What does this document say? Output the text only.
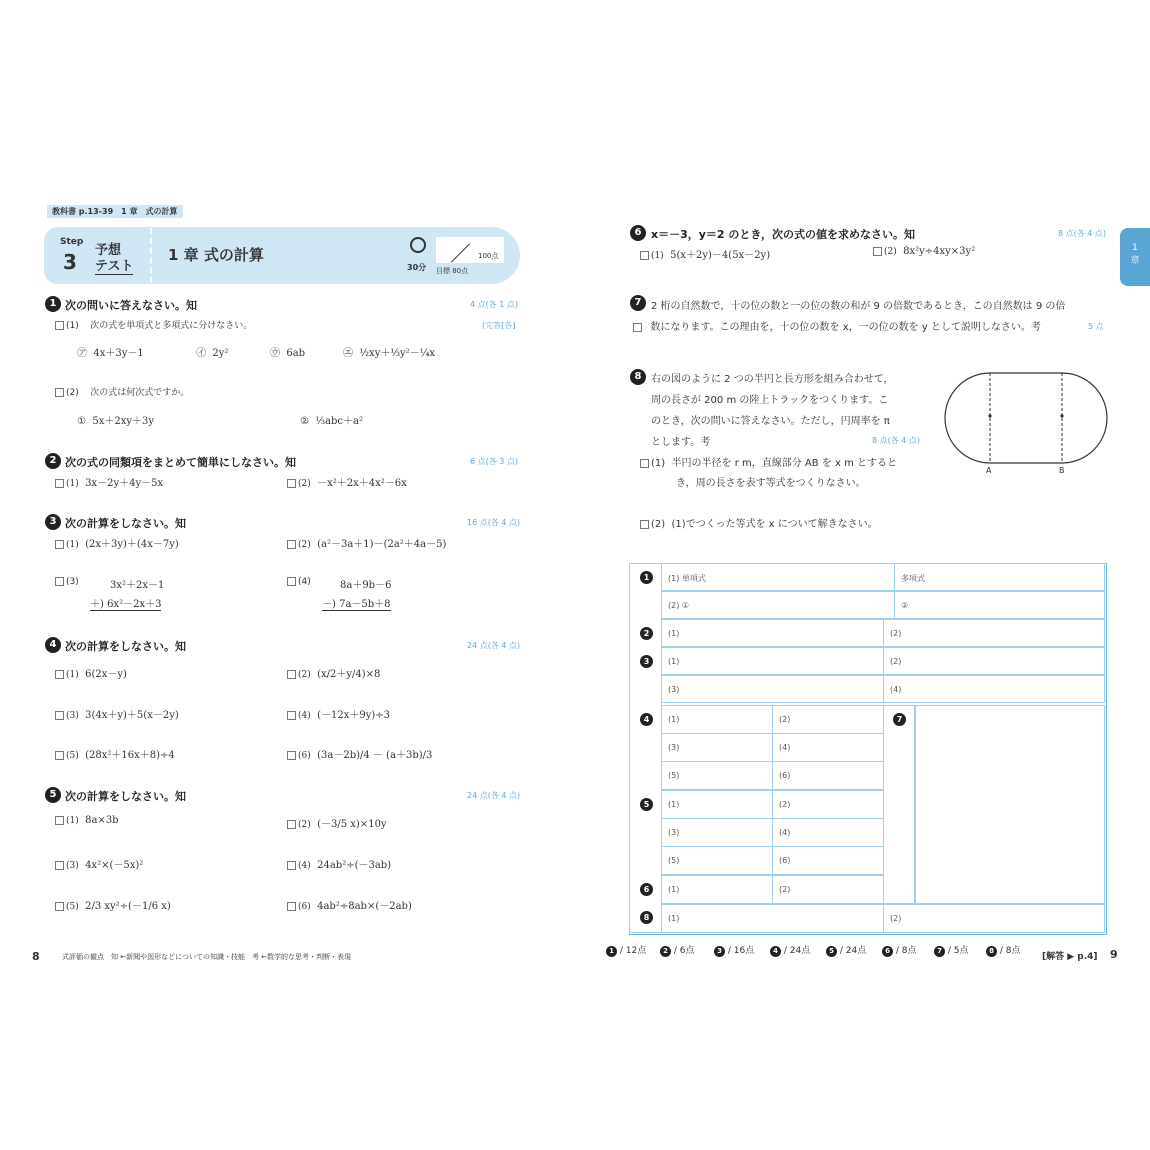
教科書 p.13-39　1 章　式の計算
Step
3 予想
テスト
1 章 式の計算
30分
100点
目標 80点
1 次の問いに答えなさい。知	4 点(各 1 点)
(1) 次の式を単項式と多項式に分けなさい。	(完答[各]
㋐ 4x＋3y－1	㋑ 2y²	㋒ 6ab	㋓ ½xy＋⅓y²－¼x
(2) 次の式は何次式ですか。
① 5x＋2xy＋3y	② ⅓abc＋a²
2 次の式の同類項をまとめて簡単にしなさい。知	6 点(各 3 点)
(1) 3x－2y＋4y－5x	(2) －x²＋2x＋4x²－6x
3 次の計算をしなさい。知	16 点(各 4 点)
(1) (2x＋3y)＋(4x－7y)	(2) (a²－3a＋1)－(2a²＋4a－5)
(3)	3x²＋2x－1
＋) 6x²－2x＋3
(4)	8a＋9b－6
－) 7a－5b＋8
4 次の計算をしなさい。知	24 点(各 4 点)
(1) 6(2x－y)	(2) (x/2＋y/4)×8
(3) 3(4x＋y)＋5(x－2y)	(4) (－12x＋9y)÷3
(5) (28x²＋16x＋8)÷4	(6) (3a－2b)/4 － (a＋3b)/3
5 次の計算をしなさい。知	24 点(各 4 点)
(1) 8a×3b	(2) (－3/5 x)×10y
(3) 4x²×(－5x)²	(4) 24ab²÷(－3ab)
(5) 2/3 xy²÷(－1/6 x)	(6) 4ab²÷8ab×(－2ab)
8	式評価の観点　知 ←新聞や図形などについての知識・技能　考 ←数学的な思考・判断・表現
1
章
6 x＝－3，y＝2 のとき，次の式の値を求めなさい。知	8 点(各 4 点)
(1) 5(x＋2y)－4(5x－2y)	(2) 8x²y÷4xy×3y²
7 2 桁の自然数で，十の位の数と一の位の数の和が 9 の倍数であるとき，この自然数は 9 の倍
数になります。この理由を，十の位の数を x，一の位の数を y として説明しなさい。考	5 点
8 右の図のように 2 つの半円と長方形を組み合わせて，
周の長さが 200 m の陸上トラックをつくります。こ
のとき，次の問いに答えなさい。ただし，円周率を π
とします。考	8 点(各 4 点)
(1) 半円の半径を r m，直線部分 AB を x m とすると
き，周の長さを表す等式をつくりなさい。
(2) (1)でつくった等式を x について解きなさい。
A	B
1	(1) 単項式	多項式
(2) ①	②
2	(1)	(2)
3	(1)	(2)
(3)	(4)
4	(1)	(2)
(3)	(4)
(5)	(6)
5	(1)	(2)
(3)	(4)
(5)	(6)
6	(1)	(2)
7
8	(1)	(2)
1 / 12点	2 / 6点	3 / 16点	4 / 24点	5 / 24点	6 / 8点	7 / 5点	8 / 8点
[解答 ▶ p.4] 9
